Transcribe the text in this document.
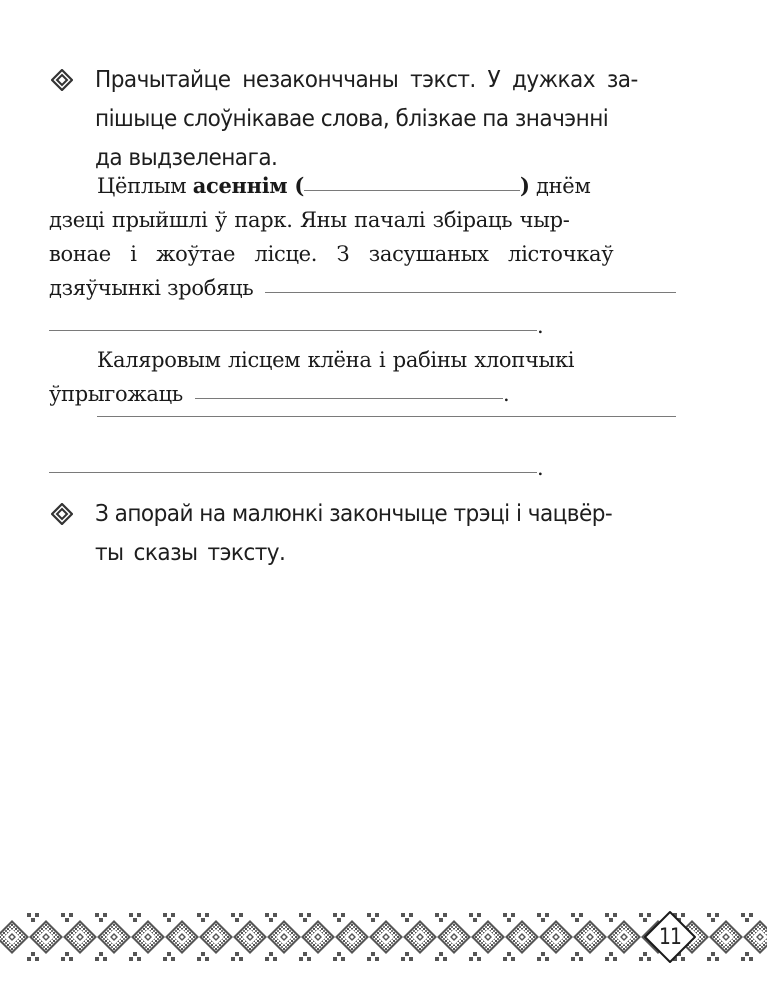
Прачытайце незаконччаны тэкст. У дужках за-
пішыце слоўнікавае слова, блізкае па значэнні
да выдзеленага.
Цёплым асеннім (	) днём
дзеці прыйшлі ў парк. Яны пачалі збіраць чыр-
вонае і жоўтае лісце. З засушаных лісточкаў
дзяўчынкі зробяць
.
Каляровым лісцем клёна і рабіны хлопчыкі
ўпрыгожаць	.
.
З апорай на малюнкі закончыце трэці і чацвёр-
ты сказы тэксту.
11
